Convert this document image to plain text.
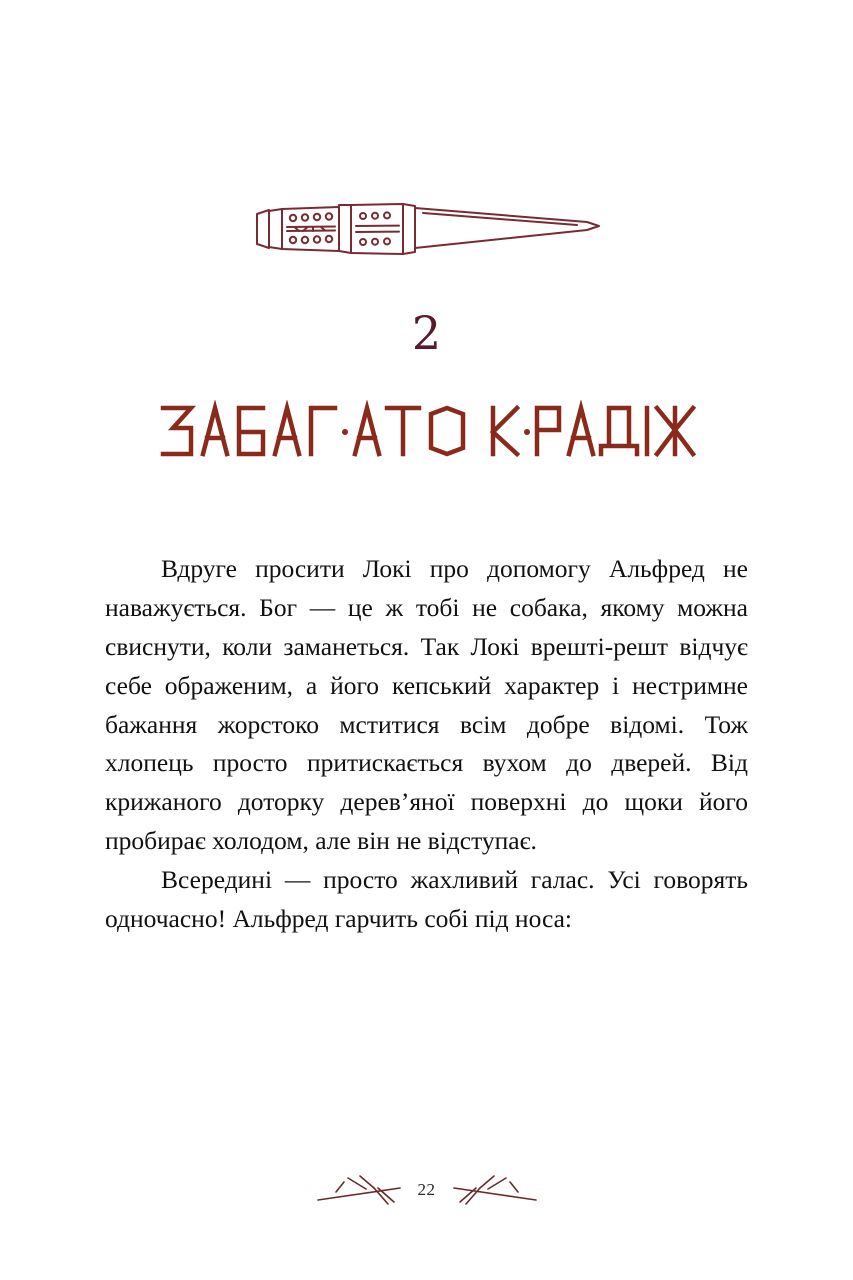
2

Вдруге просити Локі про допомогу Альфред не наважується. Бог — це ж тобі не собака, якому можна свиснути, коли заманеться. Так Локі врешті-решт відчує себе ображеним, а його кепський характер і нестримне бажання жорстоко мститися всім добре відомі. Тож хлопець просто притискається вухом до дверей. Від крижаного доторку дерев’яної поверхні до щоки його пробирає холодом, але він не відступає.

Всередині — просто жахливий галас. Усі говорять одночасно! Альфред гарчить собі під носа:

22
